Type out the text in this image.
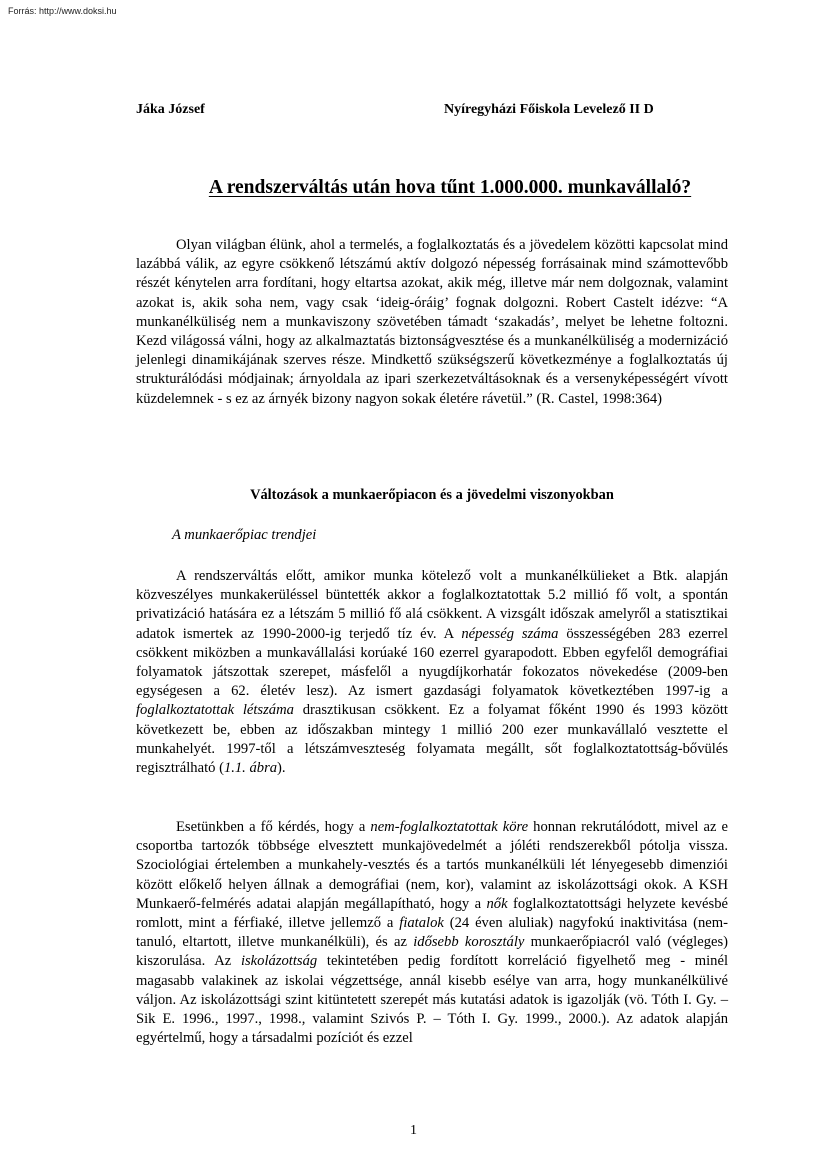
Forrás: http://www.doksi.hu
Jáka József	Nyíregyházi Főiskola Levelező II D
A rendszerváltás után hova tűnt 1.000.000. munkavállaló?

Olyan világban élünk, ahol a termelés, a foglalkoztatás és a jövedelem közötti kapcsolat mind lazábbá válik, az egyre csökkenő létszámú aktív dolgozó népesség forrásainak mind számottevőbb részét kénytelen arra fordítani, hogy eltartsa azokat, akik még, illetve már nem dolgoznak, valamint azokat is, akik soha nem, vagy csak ‘ideig-óráig’ fognak dolgozni. Robert Castelt idézve: “A munkanélküliség nem a munkaviszony szövetében támadt ‘szakadás’, melyet be lehetne foltozni. Kezd világossá válni, hogy az alkalmaztatás biztonságvesztése és a munkanélküliség a modernizáció jelenlegi dinamikájának szerves része. Mindkettő szükségszerű következménye a foglalkoztatás új strukturálódási módjainak; árnyoldala az ipari szerkezetváltásoknak és a versenyképességért vívott küzdelemnek - s ez az árnyék bizony nagyon sokak életére rávetül.” (R. Castel, 1998:364)

Változások a munkaerőpiacon és a jövedelmi viszonyokban
A munkaerőpiac trendjei

A rendszerváltás előtt, amikor munka kötelező volt a munkanélkülieket a Btk. alapján közveszélyes munkakerüléssel büntették akkor a foglalkoztatottak 5.2 millió fő volt, a spontán privatizáció hatására ez a létszám 5 millió fő alá csökkent. A vizsgált időszak amelyről a statisztikai adatok ismertek az 1990-2000-ig terjedő tíz év. A népesség száma összességében 283 ezerrel csökkent miközben a munkavállalási korúaké 160 ezerrel gyarapodott. Ebben egyfelől demográfiai folyamatok játszottak szerepet, másfelől a nyugdíjkorhatár fokozatos növekedése (2009-ben egységesen a 62. életév lesz). Az ismert gazdasági folyamatok következtében 1997-ig a foglalkoztatottak létszáma drasztikusan csökkent. Ez a folyamat főként 1990 és 1993 között következett be, ebben az időszakban mintegy 1 millió 200 ezer munkavállaló vesztette el munkahelyét. 1997-től a létszámveszteség folyamata megállt, sőt foglalkoztatottság-bővülés regisztrálható (1.1. ábra).

Esetünkben a fő kérdés, hogy a nem-foglalkoztatottak köre honnan rekrutálódott, mivel az e csoportba tartozók többsége elvesztett munkajövedelmét a jóléti rendszerekből pótolja vissza. Szociológiai értelemben a munkahely-vesztés és a tartós munkanélküli lét lényegesebb dimenziói között előkelő helyen állnak a demográfiai (nem, kor), valamint az iskolázottsági okok. A KSH Munkaerő-felmérés adatai alapján megállapítható, hogy a nők foglalkoztatottsági helyzete kevésbé romlott, mint a férfiaké, illetve jellemző a fiatalok (24 éven aluliak) nagyfokú inaktivitása (nem-tanuló, eltartott, illetve munkanélküli), és az idősebb korosztály munkaerőpiacról való (végleges) kiszorulása. Az iskolázottság tekintetében pedig fordított korreláció figyelhető meg - minél magasabb valakinek az iskolai végzettsége, annál kisebb esélye van arra, hogy munkanélkülivé váljon. Az iskolázottsági szint kitüntetett szerepét más kutatási adatok is igazolják (vö. Tóth I. Gy. – Sik E. 1996., 1997., 1998., valamint Szivós P. – Tóth I. Gy. 1999., 2000.). Az adatok alapján egyértelmű, hogy a társadalmi pozíciót és ezzel

1
